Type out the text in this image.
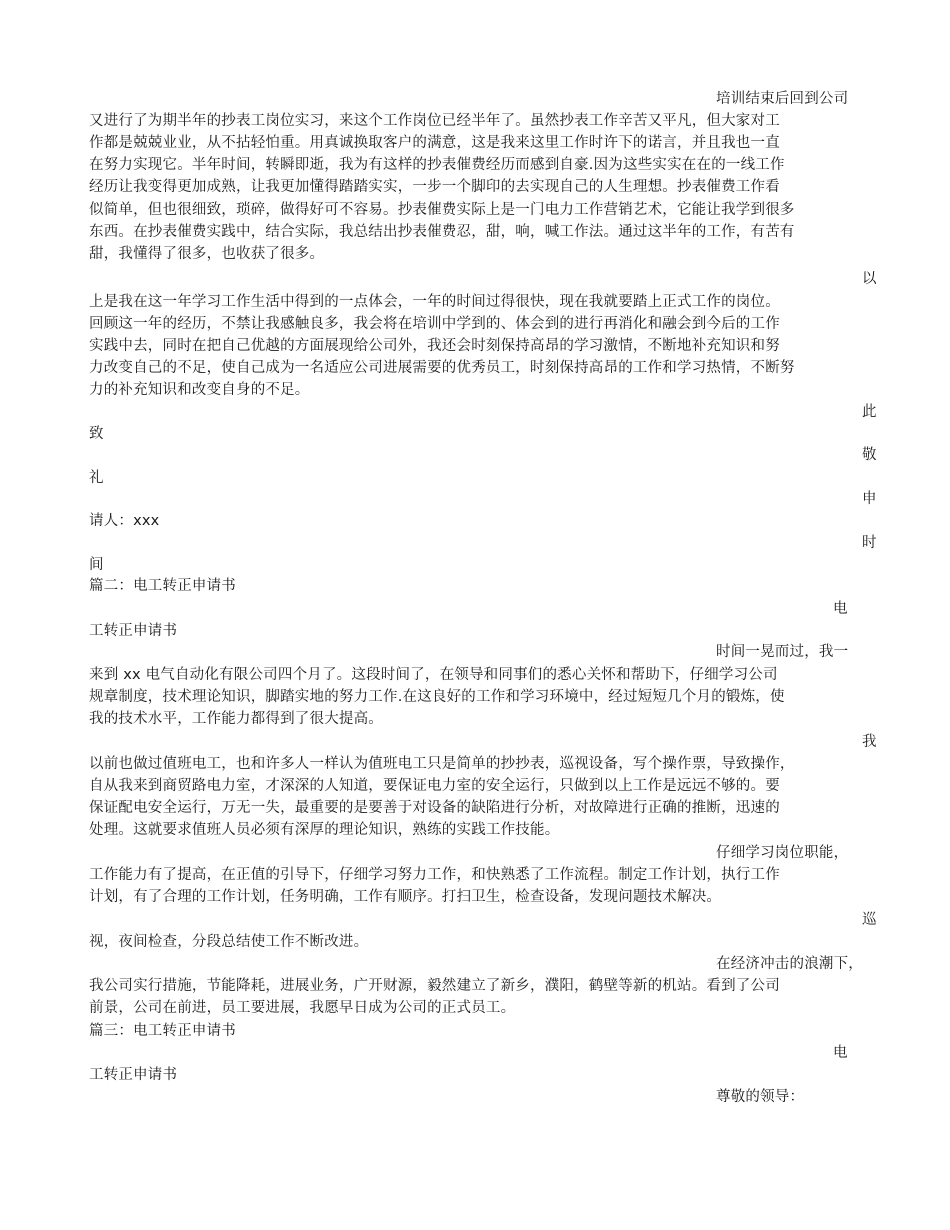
培训结束后回到公司
又进行了为期半年的抄表工岗位实习，来这个工作岗位已经半年了。虽然抄表工作辛苦又平凡，但大家对工
作都是兢兢业业，从不拈轻怕重。用真诚换取客户的满意，这是我来这里工作时许下的诺言，并且我也一直
在努力实现它。半年时间，转瞬即逝，我为有这样的抄表催费经历而感到自豪.因为这些实实在在的一线工作
经历让我变得更加成熟，让我更加懂得踏踏实实，一步一个脚印的去实现自己的人生理想。抄表催费工作看
似简单，但也很细致，琐碎，做得好可不容易。抄表催费实际上是一门电力工作营销艺术，它能让我学到很多
东西。在抄表催费实践中，结合实际，我总结出抄表催费忍，甜，响，喊工作法。通过这半年的工作，有苦有
甜，我懂得了很多，也收获了很多。
以
上是我在这一年学习工作生活中得到的一点体会，一年的时间过得很快，现在我就要踏上正式工作的岗位。
回顾这一年的经历，不禁让我感触良多，我会将在培训中学到的、体会到的进行再消化和融会到今后的工作
实践中去，同时在把自己优越的方面展现给公司外，我还会时刻保持高昂的学习激情，不断地补充知识和努
力改变自己的不足，使自己成为一名适应公司进展需要的优秀员工，时刻保持高昂的工作和学习热情，不断努
力的补充知识和改变自身的不足。
此
致
敬
礼
申
请人：xxx
时
间
篇二：电工转正申请书
电
工转正申请书
时间一晃而过，我一
来到 xx 电气自动化有限公司四个月了。这段时间了，在领导和同事们的悉心关怀和帮助下，仔细学习公司
规章制度，技术理论知识，脚踏实地的努力工作.在这良好的工作和学习环境中，经过短短几个月的锻炼，使
我的技术水平，工作能力都得到了很大提高。
我
以前也做过值班电工，也和许多人一样认为值班电工只是简单的抄抄表，巡视设备，写个操作票，导致操作，
自从我来到商贸路电力室，才深深的人知道，要保证电力室的安全运行，只做到以上工作是远远不够的。要
保证配电安全运行，万无一失，最重要的是要善于对设备的缺陷进行分析，对故障进行正确的推断，迅速的
处理。这就要求值班人员必须有深厚的理论知识，熟练的实践工作技能。
仔细学习岗位职能，
工作能力有了提高，在正值的引导下，仔细学习努力工作，和快熟悉了工作流程。制定工作计划，执行工作
计划，有了合理的工作计划，任务明确，工作有顺序。打扫卫生，检查设备，发现问题技术解决。
巡
视，夜间检查，分段总结使工作不断改进。
在经济冲击的浪潮下，
我公司实行措施，节能降耗，进展业务，广开财源，毅然建立了新乡，濮阳，鹤壁等新的机站。看到了公司
前景，公司在前进，员工要进展，我愿早日成为公司的正式员工。
篇三：电工转正申请书
电
工转正申请书
尊敬的领导：
